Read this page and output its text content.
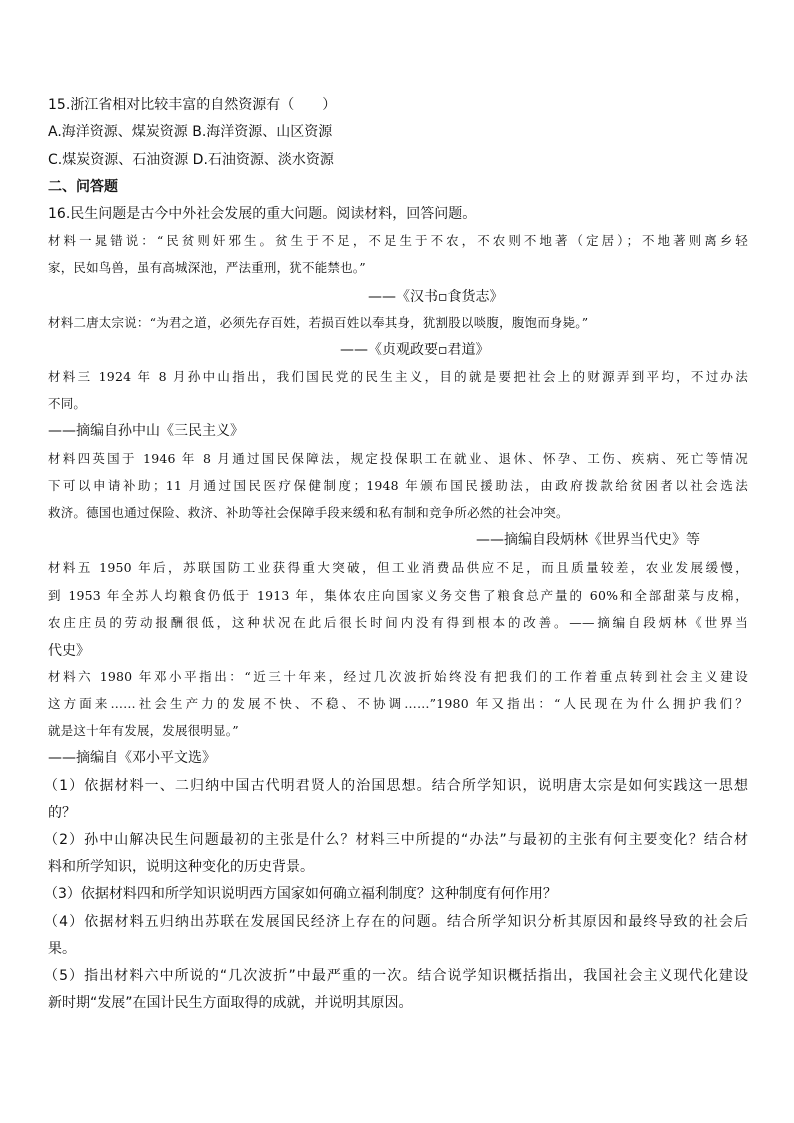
15.浙江省相对比较丰富的自然资源有（　　）
A.海洋资源、煤炭资源 B.海洋资源、山区资源
C.煤炭资源、石油资源 D.石油资源、淡水资源
二、问答题
16.民生问题是古今中外社会发展的重大问题。阅读材料，回答问题。
材料一晁错说：“民贫则奸邪生。贫生于不足，不足生于不农，不农则不地著（定居）；不地著则离乡轻
家，民如鸟兽，虽有高城深池，严法重刑，犹不能禁也。”
——《汉书▫食货志》
材料二唐太宗说：“为君之道，必须先存百姓，若损百姓以奉其身，犹割股以啖腹，腹饱而身毙。”
——《贞观政要▫君道》
材料三 1924 年 8 月孙中山指出，我们国民党的民生主义，目的就是要把社会上的财源弄到平均，不过办法
不同。
——摘编自孙中山《三民主义》
材料四英国于 1946 年 8 月通过国民保障法，规定投保职工在就业、退休、怀孕、工伤、疾病、死亡等情况
下可以申请补助；11 月通过国民医疗保健制度；1948 年颁布国民援助法，由政府拨款给贫困者以社会选法
救济。德国也通过保险、救济、补助等社会保障手段来缓和私有制和竞争所必然的社会冲突。
——摘编自段炳林《世界当代史》等
材料五 1950 年后，苏联国防工业获得重大突破，但工业消费品供应不足，而且质量较差，农业发展缓慢，
到 1953 年全苏人均粮食仍低于 1913 年，集体农庄向国家义务交售了粮食总产量的 60%和全部甜菜与皮棉，
农庄庄员的劳动报酬很低，这种状况在此后很长时间内没有得到根本的改善。——摘编自段炳林《世界当
代史》
材料六 1980 年邓小平指出：“近三十年来，经过几次波折始终没有把我们的工作着重点转到社会主义建设
这方面来……社会生产力的发展不快、不稳、不协调……”1980 年又指出：“人民现在为什么拥护我们？
就是这十年有发展，发展很明显。”
——摘编自《邓小平文选》
（1）依据材料一、二归纳中国古代明君贤人的治国思想。结合所学知识，说明唐太宗是如何实践这一思想
的？
（2）孙中山解决民生问题最初的主张是什么？材料三中所提的“办法”与最初的主张有何主要变化？结合材
料和所学知识，说明这种变化的历史背景。
（3）依据材料四和所学知识说明西方国家如何确立福利制度？这种制度有何作用？
（4）依据材料五归纳出苏联在发展国民经济上存在的问题。结合所学知识分析其原因和最终导致的社会后
果。
（5）指出材料六中所说的“几次波折”中最严重的一次。结合说学知识概括指出，我国社会主义现代化建设
新时期“发展”在国计民生方面取得的成就，并说明其原因。
